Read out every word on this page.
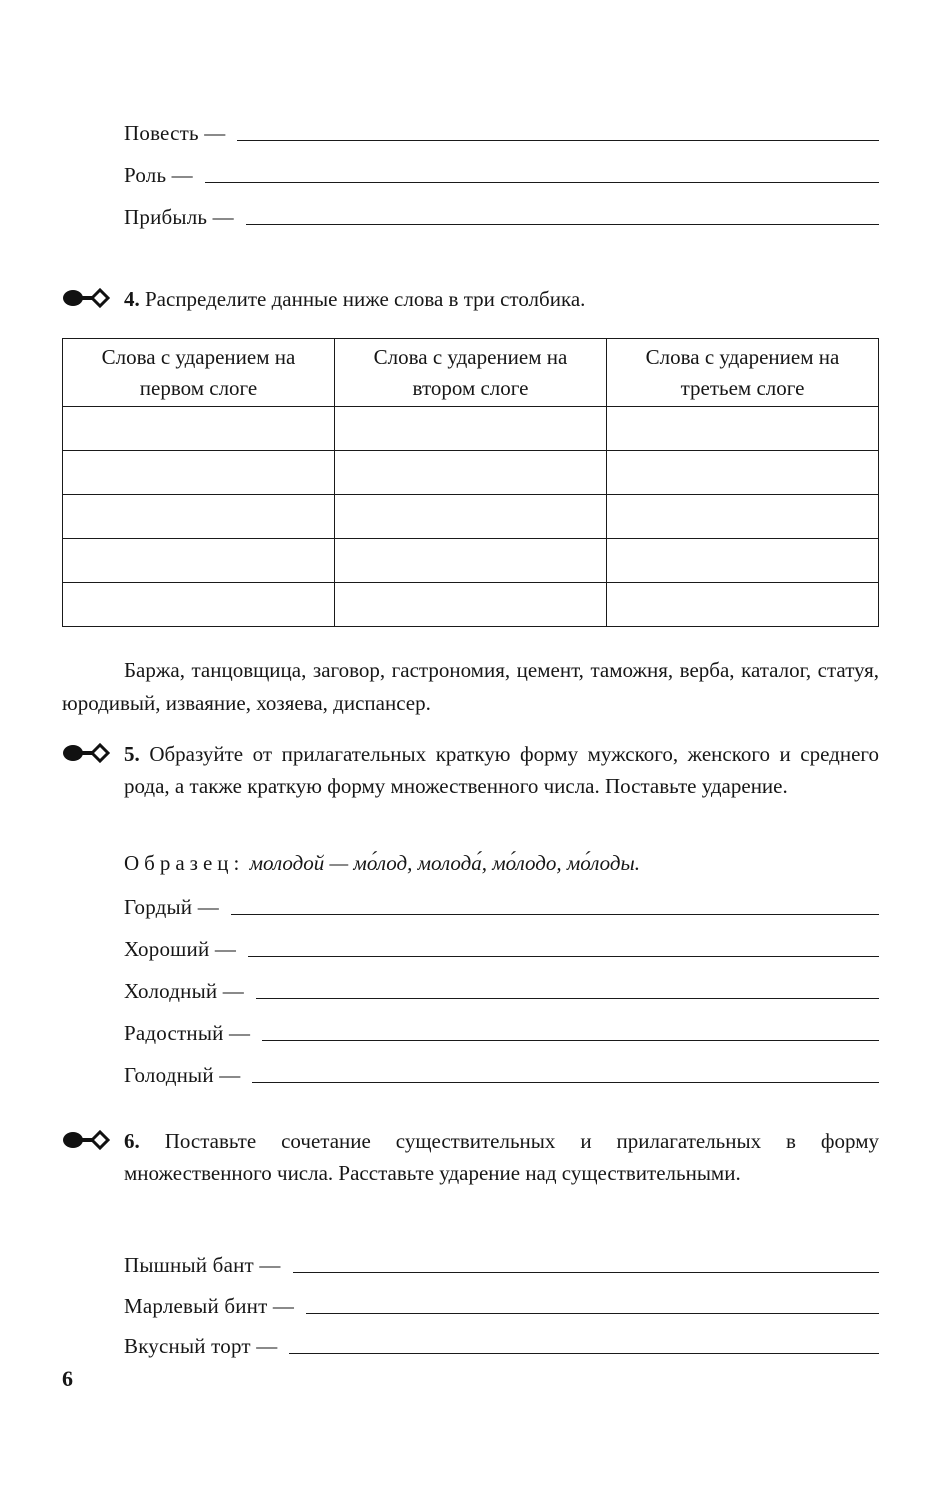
Повесть —
Роль —
Прибыль —
4. Распределите данные ниже слова в три столбика.
Слова с ударением на первом слоге	Слова с ударением на втором слоге	Слова с ударением на третьем слоге

Баржа, танцовщица, заговор, гастрономия, цемент, таможня, верба, каталог, статуя, юродивый, изваяние, хозяева, диспансер.
5. Образуйте от прилагательных краткую форму мужского, женского и среднего рода, а также краткую форму множественного числа. Поставьте ударение.
Образец: молодой — мо́лод, молода́, мо́лодо, мо́лоды.
Гордый —
Хороший —
Холодный —
Радостный —
Голодный —
6. Поставьте сочетание существительных и прилагательных в форму множественного числа. Расставьте ударение над существительными.
Пышный бант —
Марлевый бинт —
Вкусный торт —
6
